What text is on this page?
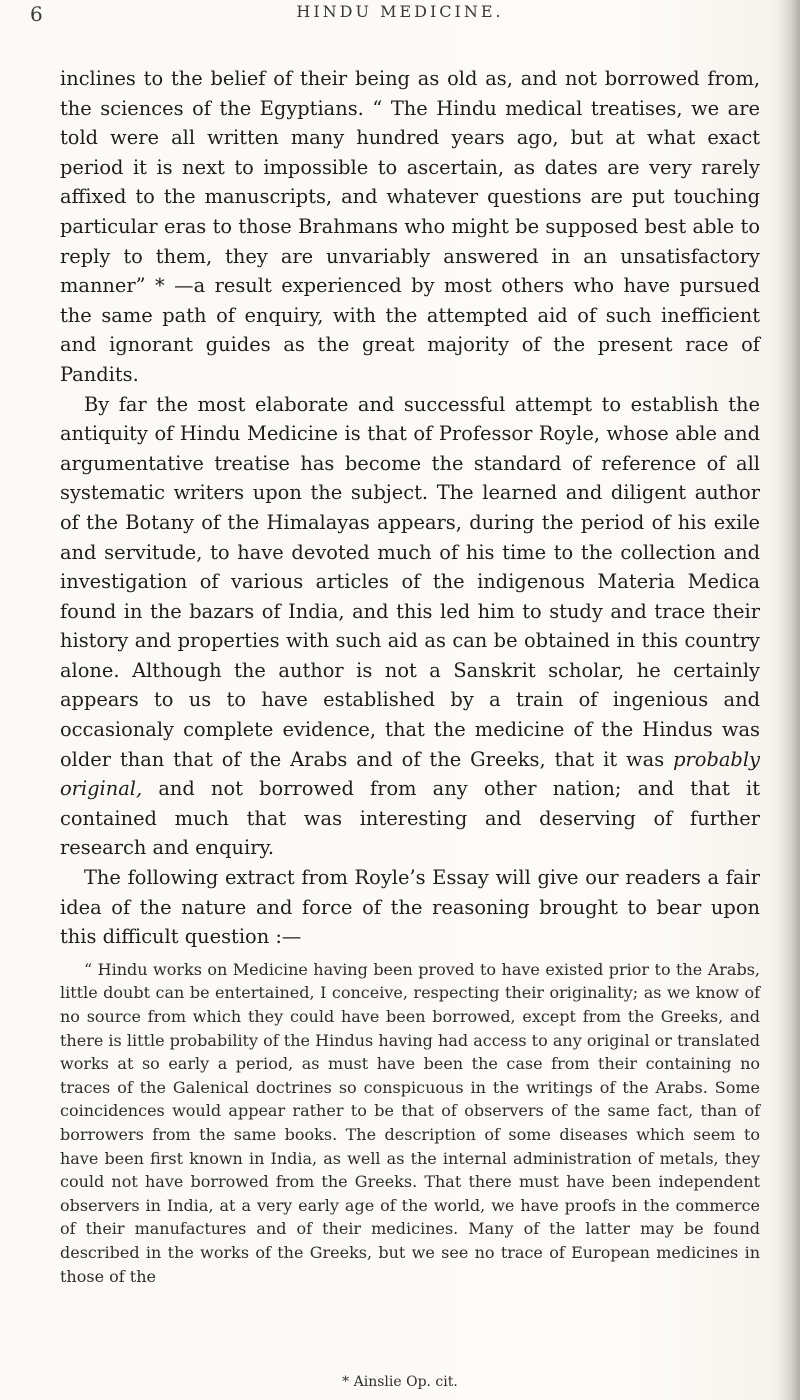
6	HINDU MEDICINE.

inclines to the belief of their being as old as, and not borrowed from, the sciences of the Egyptians. “ The Hindu medical treatises, we are told were all written many hundred years ago, but at what exact period it is next to impossible to ascertain, as dates are very rarely affixed to the manuscripts, and whatever questions are put touching particular eras to those Brahmans who might be supposed best able to reply to them, they are unvariably answered in an unsatisfactory manner” * —a result experienced by most others who have pursued the same path of enquiry, with the attempted aid of such inefficient and ignorant guides as the great majority of the present race of Pandits.

By far the most elaborate and successful attempt to establish the antiquity of Hindu Medicine is that of Professor Royle, whose able and argumentative treatise has become the standard of reference of all systematic writers upon the subject. The learned and diligent author of the Botany of the Himalayas appears, during the period of his exile and servitude, to have devoted much of his time to the collection and investigation of various articles of the indigenous Materia Medica found in the bazars of India, and this led him to study and trace their history and properties with such aid as can be obtained in this country alone. Although the author is not a Sanskrit scholar, he certainly appears to us to have established by a train of ingenious and occasionaly complete evidence, that the medicine of the Hindus was older than that of the Arabs and of the Greeks, that it was probably original, and not borrowed from any other nation; and that it contained much that was interesting and deserving of further research and enquiry.

The following extract from Royle’s Essay will give our readers a fair idea of the nature and force of the reasoning brought to bear upon this difficult question :—

“ Hindu works on Medicine having been proved to have existed prior to the Arabs, little doubt can be entertained, I conceive, respecting their originality; as we know of no source from which they could have been borrowed, except from the Greeks, and there is little probability of the Hindus having had access to any original or translated works at so early a period, as must have been the case from their containing no traces of the Galenical doctrines so conspicuous in the writings of the Arabs. Some coincidences would appear rather to be that of observers of the same fact, than of borrowers from the same books. The description of some diseases which seem to have been first known in India, as well as the internal administration of metals, they could not have borrowed from the Greeks. That there must have been independent observers in India, at a very early age of the world, we have proofs in the commerce of their manufactures and of their medicines. Many of the latter may be found described in the works of the Greeks, but we see no trace of European medicines in those of the

* Ainslie Op. cit.
